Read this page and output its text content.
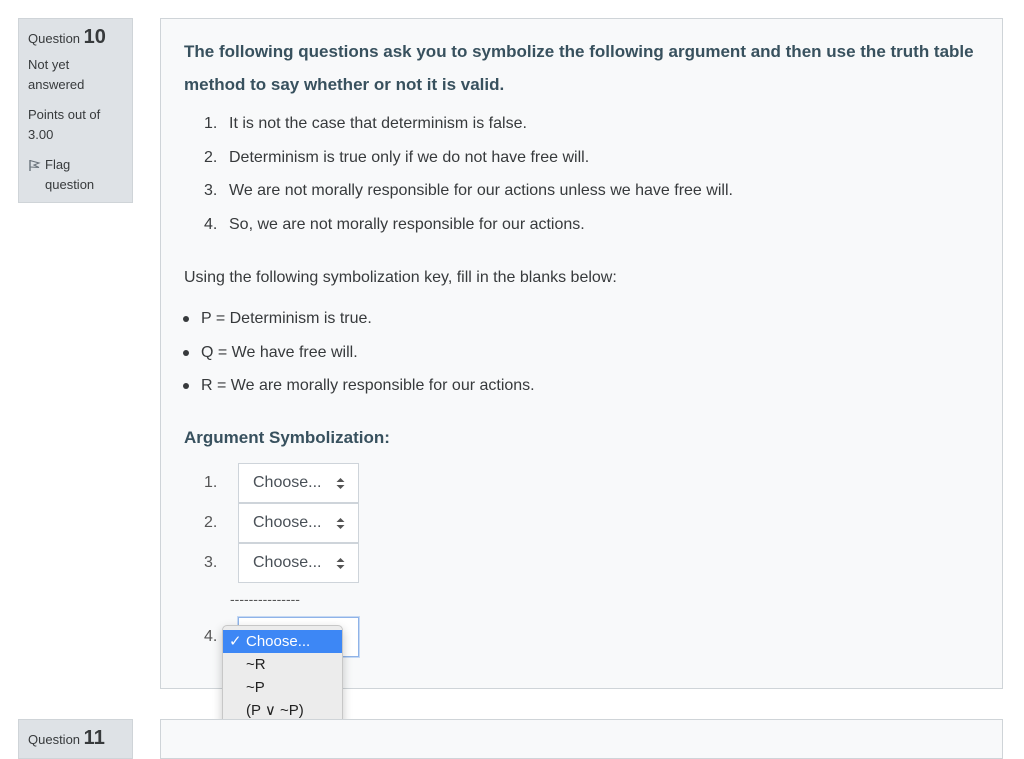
Question 10
Not yet answered
Points out of 3.00
Flag question
The following questions ask you to symbolize the following argument and then use the truth table method to say whether or not it is valid.
1. It is not the case that determinism is false.
2. Determinism is true only if we do not have free will.
3. We are not morally responsible for our actions unless we have free will.
4. So, we are not morally responsible for our actions.
Using the following symbolization key, fill in the blanks below:
P = Determinism is true.
Q = We have free will.
R = We are morally responsible for our actions.
Argument Symbolization:
1.	Choose...
2.	Choose...
3.	Choose...
---------------
4. ✓ Choose...
~R
~P
(P ∨ ~P)
Question 11
